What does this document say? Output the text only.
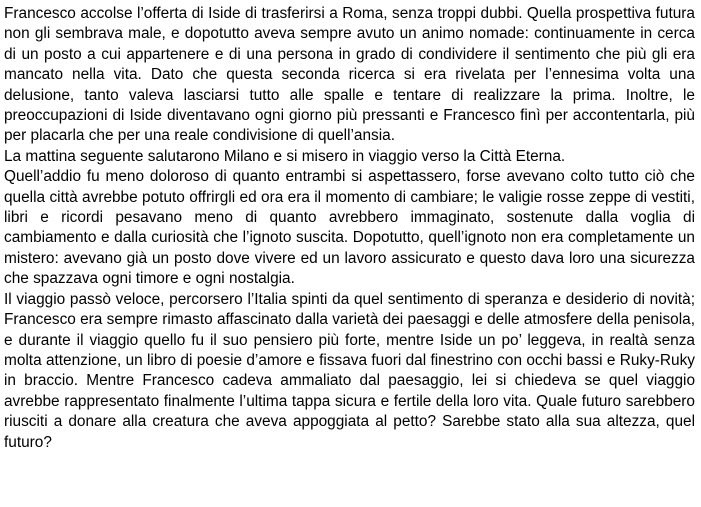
Francesco accolse l’offerta di Iside di trasferirsi a Roma, senza troppi dubbi. Quella prospettiva futura non gli sembrava male, e dopotutto aveva sempre avuto un animo nomade: continuamente in cerca di un posto a cui appartenere e di una persona in grado di condividere il sentimento che più gli era mancato nella vita. Dato che questa seconda ricerca si era rivelata per l’ennesima volta una delusione, tanto valeva lasciarsi tutto alle spalle e tentare di realizzare la prima. Inoltre, le preoccupazioni di Iside diventavano ogni giorno più pressanti e Francesco finì per accontentarla, più per placarla che per una reale condivisione di quell’ansia.

La mattina seguente salutarono Milano e si misero in viaggio verso la Città Eterna.

Quell’addio fu meno doloroso di quanto entrambi si aspettassero, forse avevano colto tutto ciò che quella città avrebbe potuto offrirgli ed ora era il momento di cambiare; le valigie rosse zeppe di vestiti, libri e ricordi pesavano meno di quanto avrebbero immaginato, sostenute dalla voglia di cambiamento e dalla curiosità che l’ignoto suscita. Dopotutto, quell’ignoto non era completamente un mistero: avevano già un posto dove vivere ed un lavoro assicurato e questo dava loro una sicurezza che spazzava ogni timore e ogni nostalgia.

Il viaggio passò veloce, percorsero l’Italia spinti da quel sentimento di speranza e desiderio di novità; Francesco era sempre rimasto affascinato dalla varietà dei paesaggi e delle atmosfere della penisola, e durante il viaggio quello fu il suo pensiero più forte, mentre Iside un po’ leggeva, in realtà senza molta attenzione, un libro di poesie d’amore e fissava fuori dal finestrino con occhi bassi e Ruky-Ruky in braccio. Mentre Francesco cadeva ammaliato dal paesaggio, lei si chiedeva se quel viaggio avrebbe rappresentato finalmente l’ultima tappa sicura e fertile della loro vita. Quale futuro sarebbero riusciti a donare alla creatura che aveva appoggiata al petto? Sarebbe stato alla sua altezza, quel futuro?
